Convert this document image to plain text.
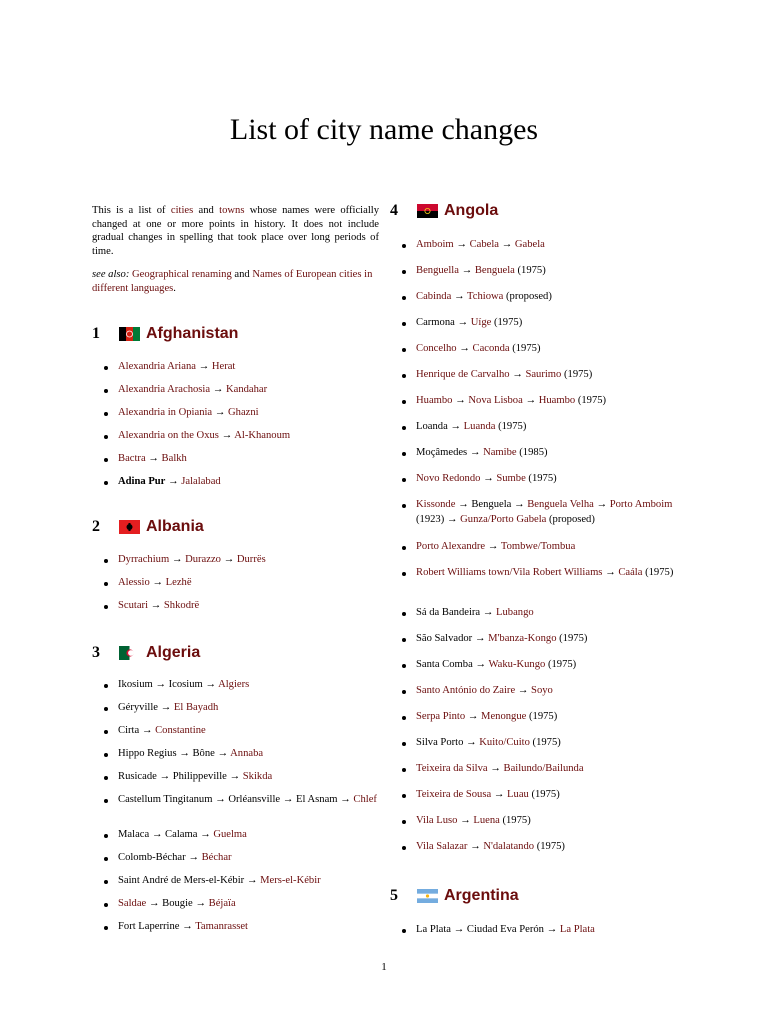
List of city name changes

This is a list of cities and towns whose names were officially changed at one or more points in history. It does not include gradual changes in spelling that took place over long periods of time.

see also: Geographical renaming and Names of European cities in different languages.

1	Afghanistan
Alexandria Ariana → Herat
Alexandria Arachosia → Kandahar
Alexandria in Opiania → Ghazni
Alexandria on the Oxus → Al-Khanoum
Bactra → Balkh
Adina Pur → Jalalabad
2	Albania
Dyrrachium → Durazzo → Durrës
Alessio → Lezhë
Scutari → Shkodrë
3	Algeria
Ikosium → Icosium → Algiers
Géryville → El Bayadh
Cirta → Constantine
Hippo Regius → Bône → Annaba
Rusicade → Philippeville → Skikda
Castellum Tingitanum → Orléansville → El Asnam → Chlef
Malaca → Calama → Guelma
Colomb-Béchar → Béchar
Saint André de Mers-el-Kébir → Mers-el-Kébir
Saldae → Bougie → Béjaïa
Fort Laperrine → Tamanrasset
4	Angola
Amboim → Cabela → Gabela
Benguella → Benguela (1975)
Cabinda → Tchiowa (proposed)
Carmona → Uíge (1975)
Concelho → Caconda (1975)
Henrique de Carvalho → Saurimo (1975)
Huambo → Nova Lisboa → Huambo (1975)
Loanda → Luanda (1975)
Moçâmedes → Namibe (1985)
Novo Redondo → Sumbe (1975)
Kissonde → Benguela → Benguela Velha → Porto Amboim (1923) → Gunza/Porto Gabela (proposed)
Porto Alexandre → Tombwe/Tombua
Robert Williams town/Vila Robert Williams → Caála (1975)
Sá da Bandeira → Lubango
São Salvador → M'banza-Kongo (1975)
Santa Comba → Waku-Kungo (1975)
Santo António do Zaire → Soyo
Serpa Pinto → Menongue (1975)
Silva Porto → Kuito/Cuito (1975)
Teixeira da Silva → Bailundo/Bailunda
Teixeira de Sousa → Luau (1975)
Vila Luso → Luena (1975)
Vila Salazar → N'dalatando (1975)
5	Argentina
La Plata → Ciudad Eva Perón → La Plata
1
